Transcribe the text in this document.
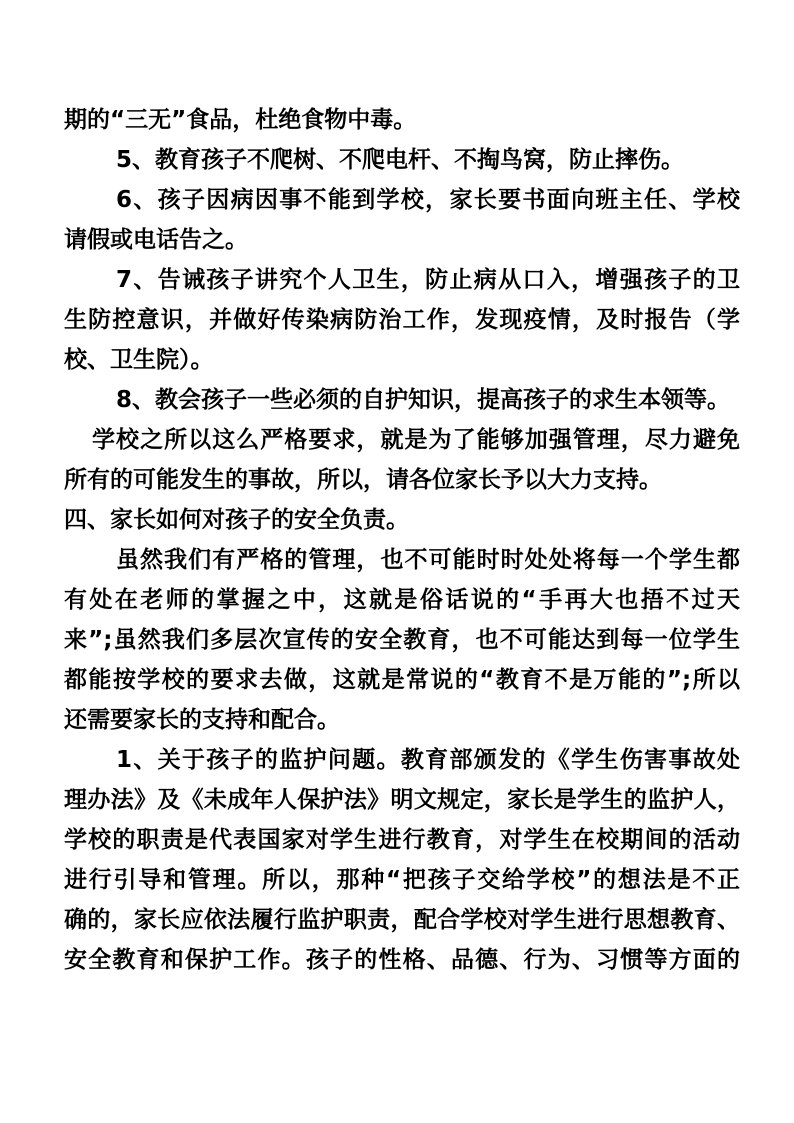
期的“三无”食品，杜绝食物中毒。
5、教育孩子不爬树、不爬电杆、不掏鸟窝，防止摔伤。
6、孩子因病因事不能到学校，家长要书面向班主任、学校
请假或电话告之。
7、告诫孩子讲究个人卫生，防止病从口入，增强孩子的卫
生防控意识，并做好传染病防治工作，发现疫情，及时报告（学
校、卫生院）。
8、教会孩子一些必须的自护知识，提高孩子的求生本领等。
学校之所以这么严格要求，就是为了能够加强管理，尽力避免
所有的可能发生的事故，所以，请各位家长予以大力支持。
四、家长如何对孩子的安全负责。
虽然我们有严格的管理，也不可能时时处处将每一个学生都
有处在老师的掌握之中，这就是俗话说的“手再大也捂不过天
来”;虽然我们多层次宣传的安全教育，也不可能达到每一位学生
都能按学校的要求去做，这就是常说的“教育不是万能的”;所以
还需要家长的支持和配合。
1、关于孩子的监护问题。教育部颁发的《学生伤害事故处
理办法》及《未成年人保护法》明文规定，家长是学生的监护人，
学校的职责是代表国家对学生进行教育，对学生在校期间的活动
进行引导和管理。所以，那种“把孩子交给学校”的想法是不正
确的，家长应依法履行监护职责，配合学校对学生进行思想教育、
安全教育和保护工作。孩子的性格、品德、行为、习惯等方面的
